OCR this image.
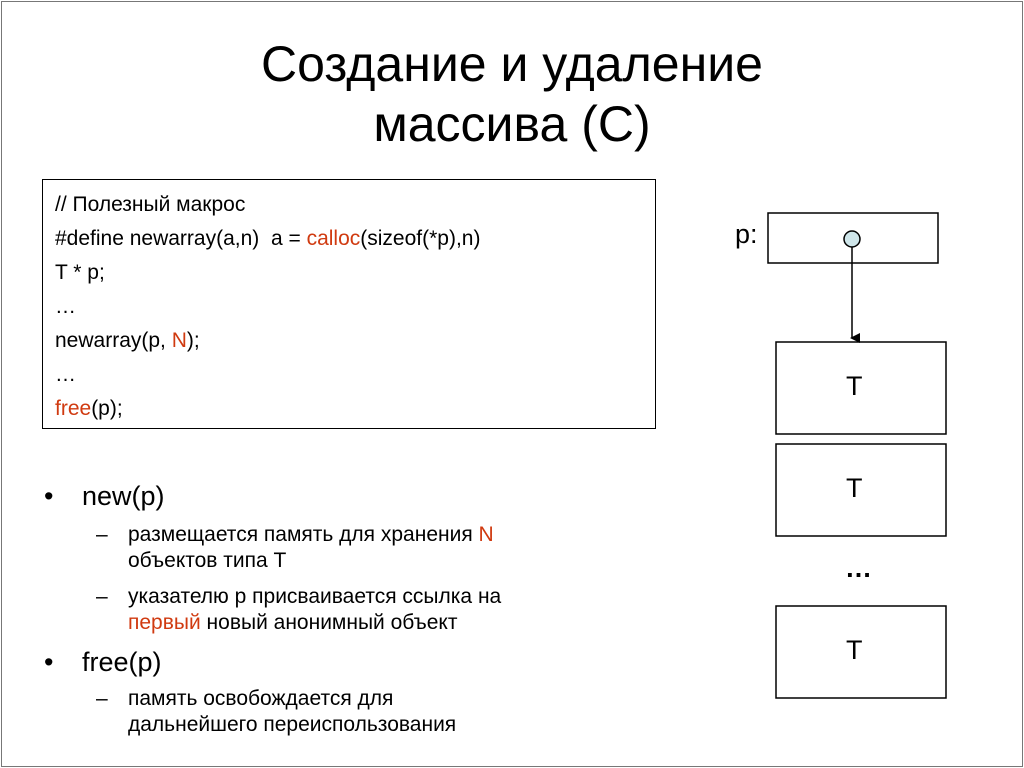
Создание и удаление
массива (С)
// Полезный макрос
#define newarray(a,n)  a = calloc(sizeof(*p),n)
T * p;
…
newarray(p, N);
…
free(p);
• new(p)
– размещается память для хранения N
объектов типа T
– указателю p присваивается ссылка на
первый новый анонимный объект
• free(p)
– память освобождается для
дальнейшего переиспользования
p:
T
T
…
T
